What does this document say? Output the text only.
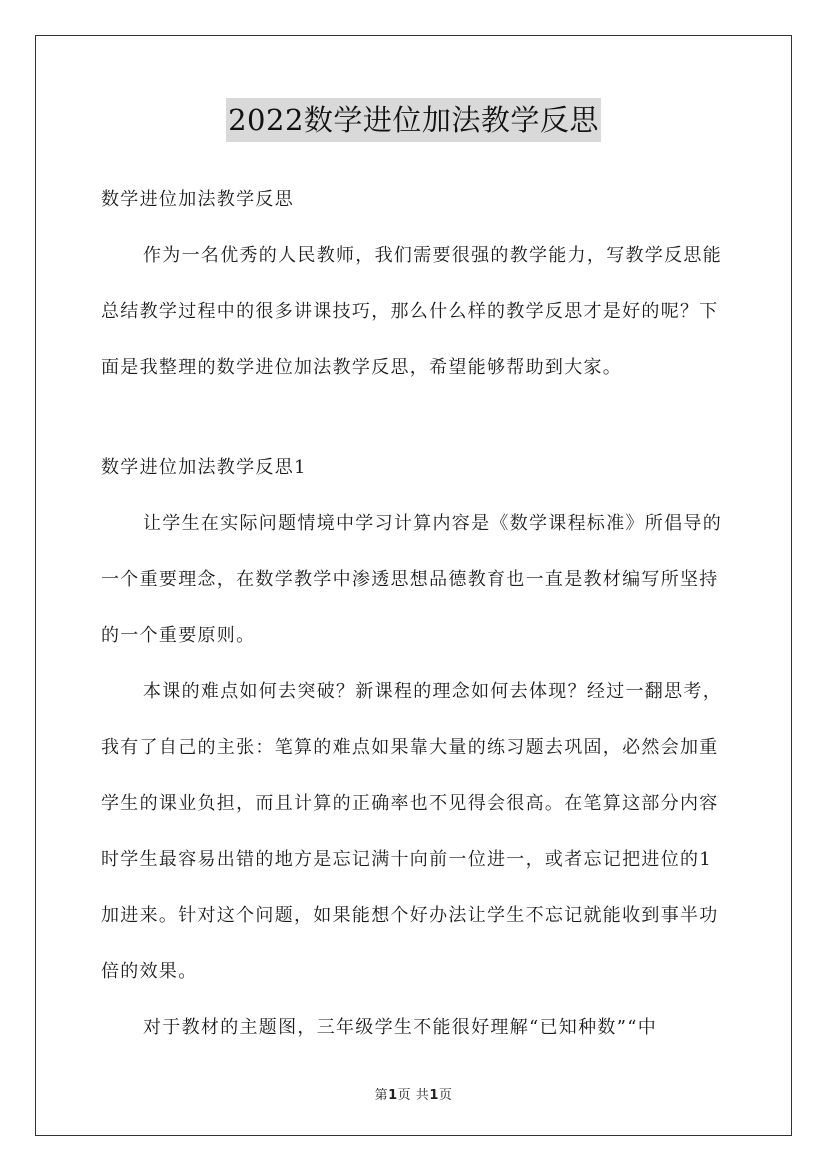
2022数学进位加法教学反思

数学进位加法教学反思

作为一名优秀的人民教师，我们需要很强的教学能力，写教学反思能总结教学过程中的很多讲课技巧，那么什么样的教学反思才是好的呢？下面是我整理的数学进位加法教学反思，希望能够帮助到大家。

数学进位加法教学反思1

让学生在实际问题情境中学习计算内容是《数学课程标准》所倡导的一个重要理念，在数学教学中渗透思想品德教育也一直是教材编写所坚持的一个重要原则。

本课的难点如何去突破？新课程的理念如何去体现？经过一翻思考，我有了自己的主张：笔算的难点如果靠大量的练习题去巩固，必然会加重学生的课业负担，而且计算的正确率也不见得会很高。在笔算这部分内容时学生最容易出错的地方是忘记满十向前一位进一，或者忘记把进位的1加进来。针对这个问题，如果能想个好办法让学生不忘记就能收到事半功倍的效果。

对于教材的主题图，三年级学生不能很好理解“已知种数”“中

第1页 共1页
